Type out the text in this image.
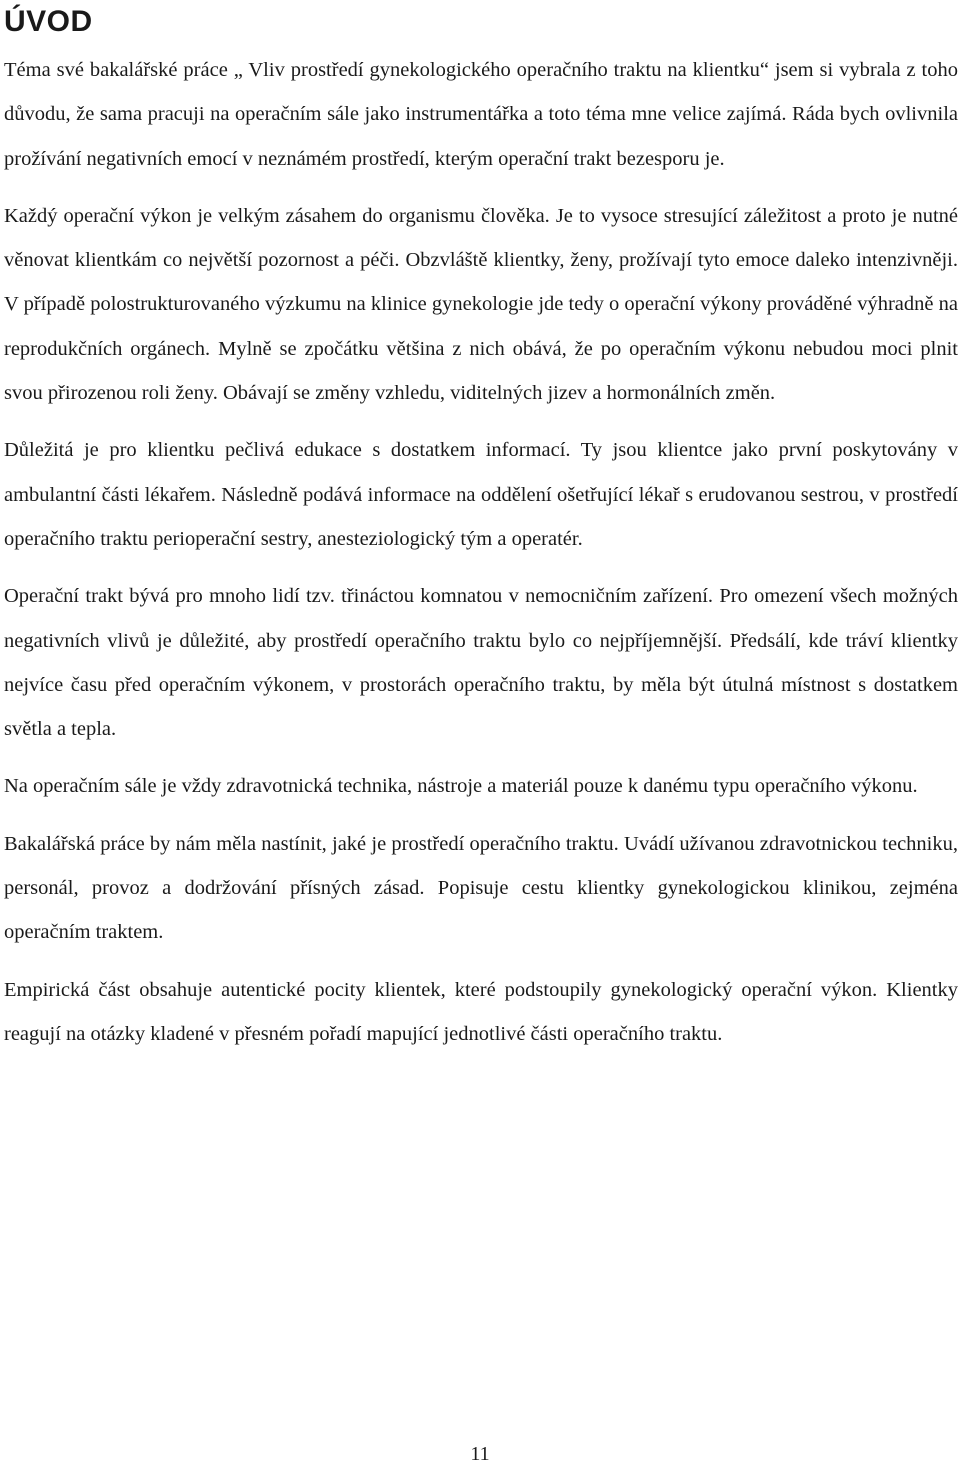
ÚVOD

Téma své bakalářské práce „ Vliv prostředí gynekologického operačního traktu na klientku“ jsem si vybrala z toho důvodu, že sama pracuji na operačním sále jako instrumentářka a toto téma mne velice zajímá. Ráda bych ovlivnila prožívání negativních emocí v neznámém prostředí, kterým operační trakt bezesporu je.

Každý operační výkon je velkým zásahem do organismu člověka. Je to vysoce stresující záležitost a proto je nutné věnovat klientkám co největší pozornost a péči. Obzvláště klientky, ženy, prožívají tyto emoce daleko intenzivněji. V případě polostrukturovaného výzkumu na klinice gynekologie jde tedy o operační výkony prováděné výhradně na reprodukčních orgánech. Mylně se zpočátku většina z nich obává, že po operačním výkonu nebudou moci plnit svou přirozenou roli ženy. Obávají se změny vzhledu, viditelných jizev a hormonálních změn.

Důležitá je pro klientku pečlivá edukace s dostatkem informací. Ty jsou klientce jako první poskytovány v ambulantní části lékařem. Následně podává informace na oddělení ošetřující lékař s erudovanou sestrou, v prostředí operačního traktu perioperační sestry, anesteziologický tým a operatér.

Operační trakt bývá pro mnoho lidí tzv. třináctou komnatou v nemocničním zařízení. Pro omezení všech možných negativních vlivů je důležité, aby prostředí operačního traktu bylo co nejpříjemnější. Předsálí, kde tráví klientky nejvíce času před operačním výkonem, v prostorách operačního traktu, by měla být útulná místnost s dostatkem světla a tepla.

Na operačním sále je vždy zdravotnická technika, nástroje a materiál pouze k danému typu operačního výkonu.

Bakalářská práce by nám měla nastínit, jaké je prostředí operačního traktu. Uvádí užívanou zdravotnickou techniku, personál, provoz a dodržování přísných zásad. Popisuje cestu klientky gynekologickou klinikou, zejména operačním traktem.

Empirická část obsahuje autentické pocity klientek, které podstoupily gynekologický operační výkon. Klientky reagují na otázky kladené v přesném pořadí mapující jednotlivé části operačního traktu.

11
